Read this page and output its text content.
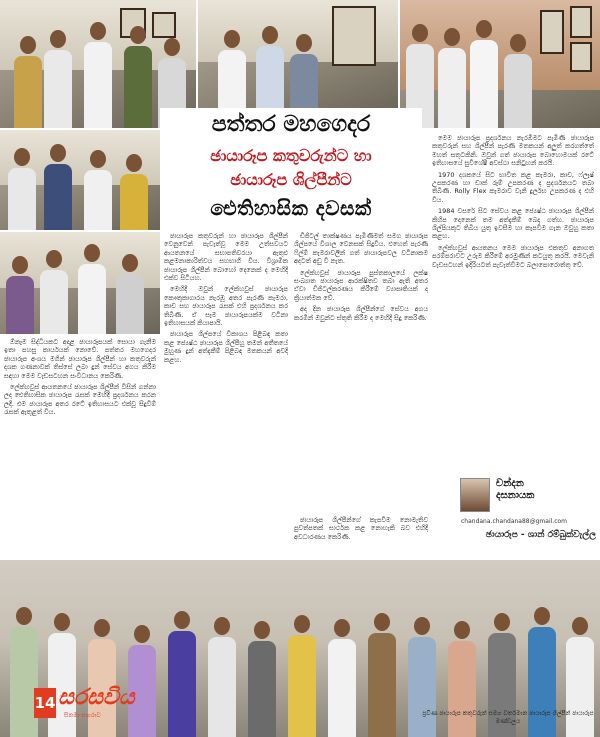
පත්තර මහගෙදර
ඡායාරූප කතුවරුන්ට හා
ඡායාරූප ශිල්පීන්ට
ඓතිහාසික දවසක්

ඕනෑම සිද්ධියකට අදාළ ඡායාරූපයක් සොයා ගැනීම ඉතා පහසු කාර්යයක් නොවේ. පත්තර මහගෙදර ඡායාරූප අංශය මගින් ඡායාරූප ශිල්පීන් හා කතුවරුන් දශක ගණනාවක් තිස්සේ ලබා දුන් සේවය අගය කිරීම සඳහා මෙම වැඩසටහන සංවිධානය කෙරිණි.

ලේක්හවුස් ආයතනයේ ඡායාරූප ශිල්පීන් විසින් ගන්නා ලද ඓතිහාසික ඡායාරූප රැසක් මෙහිදී ප්‍රදර්ශනය කරන ලදී. එම ඡායාරූප අතර රටේ ඉතිහාසයට එක්වූ සිදුවීම් රැසක් ඇතුළත් විය.

ඡායාරූප කතුවරුන් හා ඡායාරූප ශිල්පීන් වෙනුවෙන් පැවැත්වූ මෙම උත්සවයට ආයතනයේ සභාපතිවරයා ඇතුළු කළමනාකාරිත්වය සහභාගී විය. විශ්‍රාමික ඡායාරූප ශිල්පීන් බොහෝ දෙනෙක් ද මෙහිදී එක්ව සිටියහ.

මෙහිදී ඔවුන් ලේක්හවුස් ඡායාරූප කෞතුකාගාරය නැරඹූ අතර පැරණි කැමරා, කාච සහ ඡායාරූප රැසක් එහි ප්‍රදර්ශනය කර තිබිණි. ඒ සෑම ඡායාරූපයක්ම වටිනා ඉතිහාසයක් කියාපායි.

ඡායාරූප ශිල්පයේ විකාශය පිළිබඳ කතා කළ ජ්‍යෙෂ්ඨ ඡායාරූප ශිල්පීහු තමන් අතීතයේ මුහුණ දුන් අත්දැකීම් පිළිබඳ මතකයන් අවදි කළහ.

ඩිජිටල් තාක්ෂණය පැමිණීමත් සමග ඡායාරූප ශිල්පයේ විශාල වෙනසක් සිදුවිය. එහෙත් පැරණි ෆිල්ම් කැමරාවලින් ගත් ඡායාරූපවල වටිනාකම අදටත් අඩු වී නැත.

ලේක්හවුස් ඡායාරූප පුස්තකාලයේ ලක්ෂ සංඛ්‍යාත ඡායාරූප ආරක්ෂිතව තබා ඇති අතර ඒවා ඩිජිටල්කරණය කිරීමේ ව්‍යාපෘතියක් ද ක්‍රියාත්මක වේ.

අද දින ඡායාරූප ශිල්පීන්ගේ සේවය අගය කරමින් ඔවුන්ට ස්තුති කිරීම ද මෙහිදී සිදු කෙරිණි.

ඡායාරූප ශිල්පීන්ගේ කැපවීම නොමැතිව පුවත්පතක් සාර්ථක කළ නොහැකි බව එහිදී අවධාරණය කෙරිණි.

මෙම ඡායාරූප ප්‍රදර්ශනය නැරඹීමට පැමිණි ඡායාරූප කතුවරුන් සහ ශිල්පීන් පැරණි මතකයන් අලුත් කරගත්තේ මහත් සතුටකිනි. ඔවුන් ගත් ඡායාරූප බොහොමයක් රටේ ඉතිහාසයේ සුවිශේෂී අවස්ථා සනිටුහන් කරයි.

1970 දශකයේ සිට භාවිත කළ කැමරා, කාච, ෆ්ලෑෂ් උපකරණ හා ඩාක් රූම් උපකරණ ද ප්‍රදර්ශනයට තබා තිබිණි. Rolly Flex කැමරාව වැනි දුර්ලභ උපකරණ ද එහි විය.

1984 වසරේ සිට සේවය කළ ජ්‍යෙෂ්ඨ ඡායාරූප ශිල්පීන් කිහිප දෙනෙක් තම අත්දැකීම් බෙදා ගත්හ. ඡායාරූප ශිල්පියකුට තිබිය යුතු ඉවසීම හා කැපවීම ගැන ඔවුහු කතා කළහ.

ලේක්හවුස් ආයතනය මෙම ඡායාරූප එකතුව අනාගත පරම්පරාවට උරුම කිරීමේ අරමුණින් කටයුතු කරයි. මෙවැනි වැඩසටහන් ඉදිරියටත් පැවැත්වීමට බලාපොරොත්තු වේ.

චන්දන
දසනායක
chandana.chandana88@gmail.com
ඡායාරූප - ශාන් රම්බුක්වැල්ල
14 සරසවිය
සිනමා සඟරාව	ප්‍රවීණ ඡායාරූප කතුවරුන් සමග වර්තමාන ඡායාරූප ශිල්පීන් ඡායාරූප මණ්ඩලය
